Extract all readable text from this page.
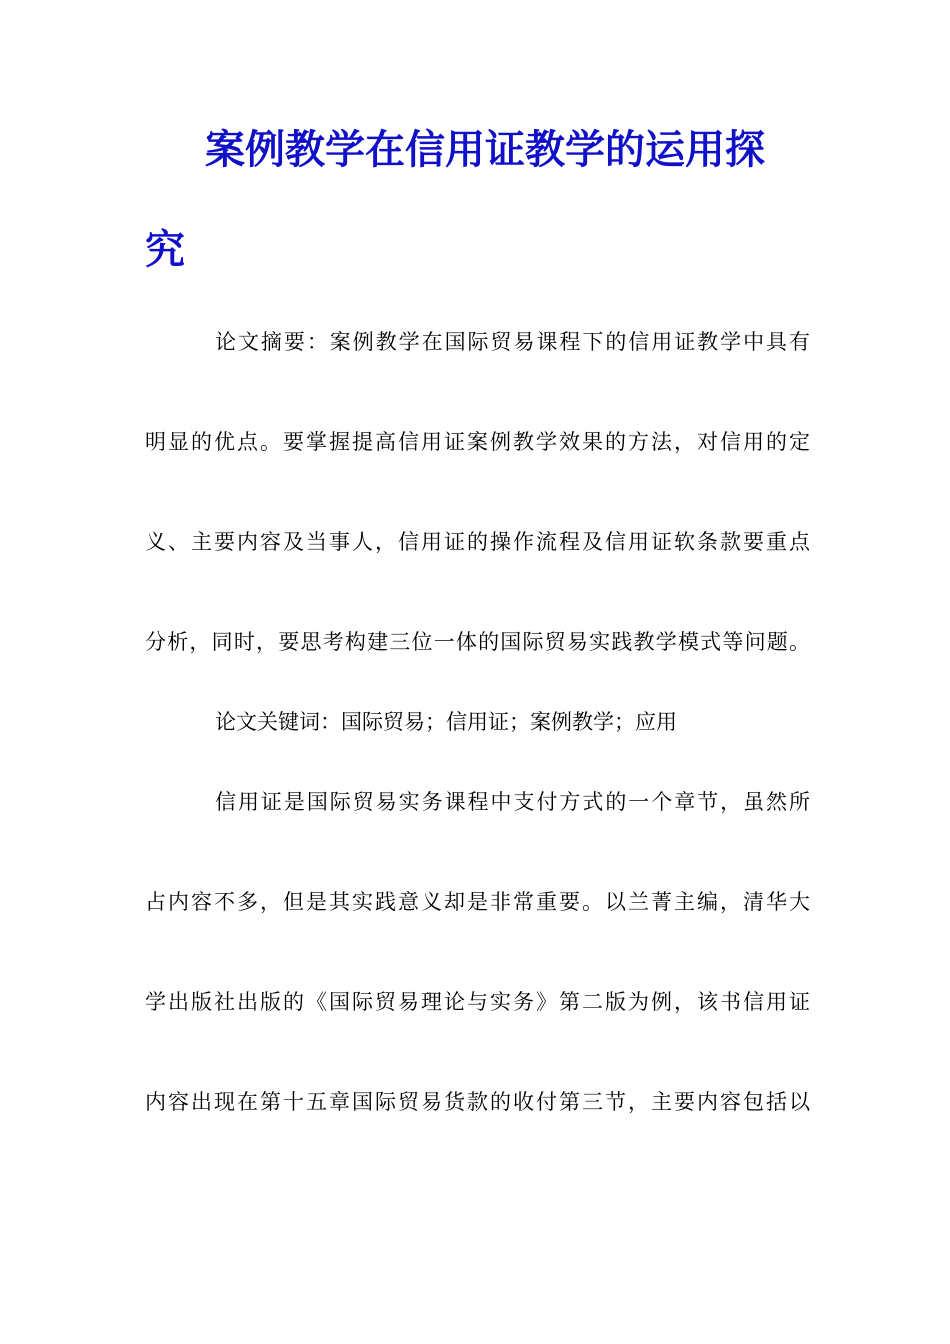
案例教学在信用证教学的运用探
究
论文摘要：案例教学在国际贸易课程下的信用证教学中具有
明显的优点。要掌握提高信用证案例教学效果的方法，对信用的定
义、主要内容及当事人，信用证的操作流程及信用证软条款要重点
分析，同时，要思考构建三位一体的国际贸易实践教学模式等问题。
论文关键词：国际贸易；信用证；案例教学；应用
信用证是国际贸易实务课程中支付方式的一个章节，虽然所
占内容不多，但是其实践意义却是非常重要。以兰菁主编，清华大
学出版社出版的《国际贸易理论与实务》第二版为例，该书信用证
内容出现在第十五章国际贸易货款的收付第三节，主要内容包括以
